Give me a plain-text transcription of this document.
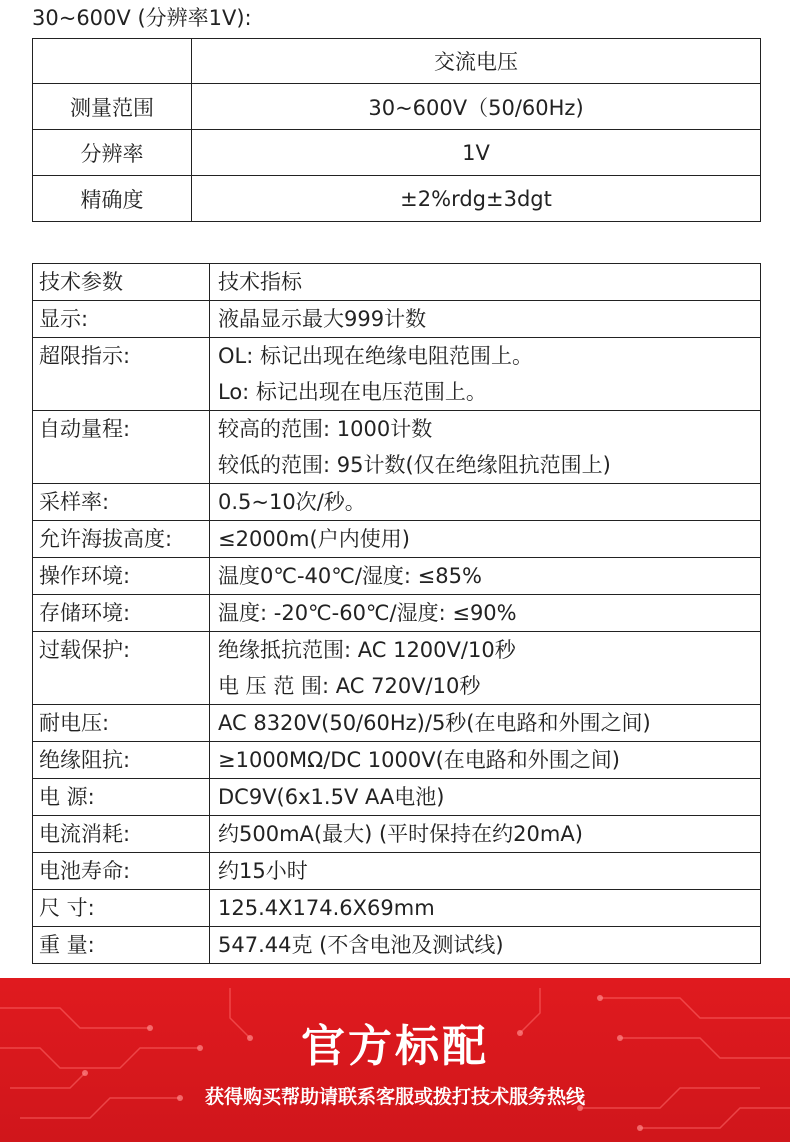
30~600V (分辨率1V):
	交流电压
测量范围	30~600V（50/60Hz)
分辨率	1V
精确度	±2%rdg±3dgt
技术参数	技术指标

显示:	液晶显示最大999计数

超限指示:	OL: 标记出现在绝缘电阻范围上。
Lo: 标记出现在电压范围上。

自动量程:	较高的范围: 1000计数
较低的范围: 95计数(仅在绝缘阻抗范围上)

采样率:	0.5~10次/秒。

允许海拔高度:	≤2000m(户内使用)

操作环境:	温度0℃-40℃/湿度: ≤85%

存储环境:	温度: -20℃-60℃/湿度: ≤90%

过载保护:	绝缘抵抗范围: AC 1200V/10秒
电 压 范 围: AC 720V/10秒

耐电压:	AC 8320V(50/60Hz)/5秒(在电路和外围之间)

绝缘阻抗:	≥1000MΩ/DC 1000V(在电路和外围之间)

电 源:	DC9V(6x1.5V AA电池)

电流消耗:	约500mA(最大) (平时保持在约20mA)

电池寿命:	约15小时

尺 寸:	125.4X174.6X69mm

重 量:	547.44克 (不含电池及测试线)
官方标配
获得购买帮助请联系客服或拨打技术服务热线
